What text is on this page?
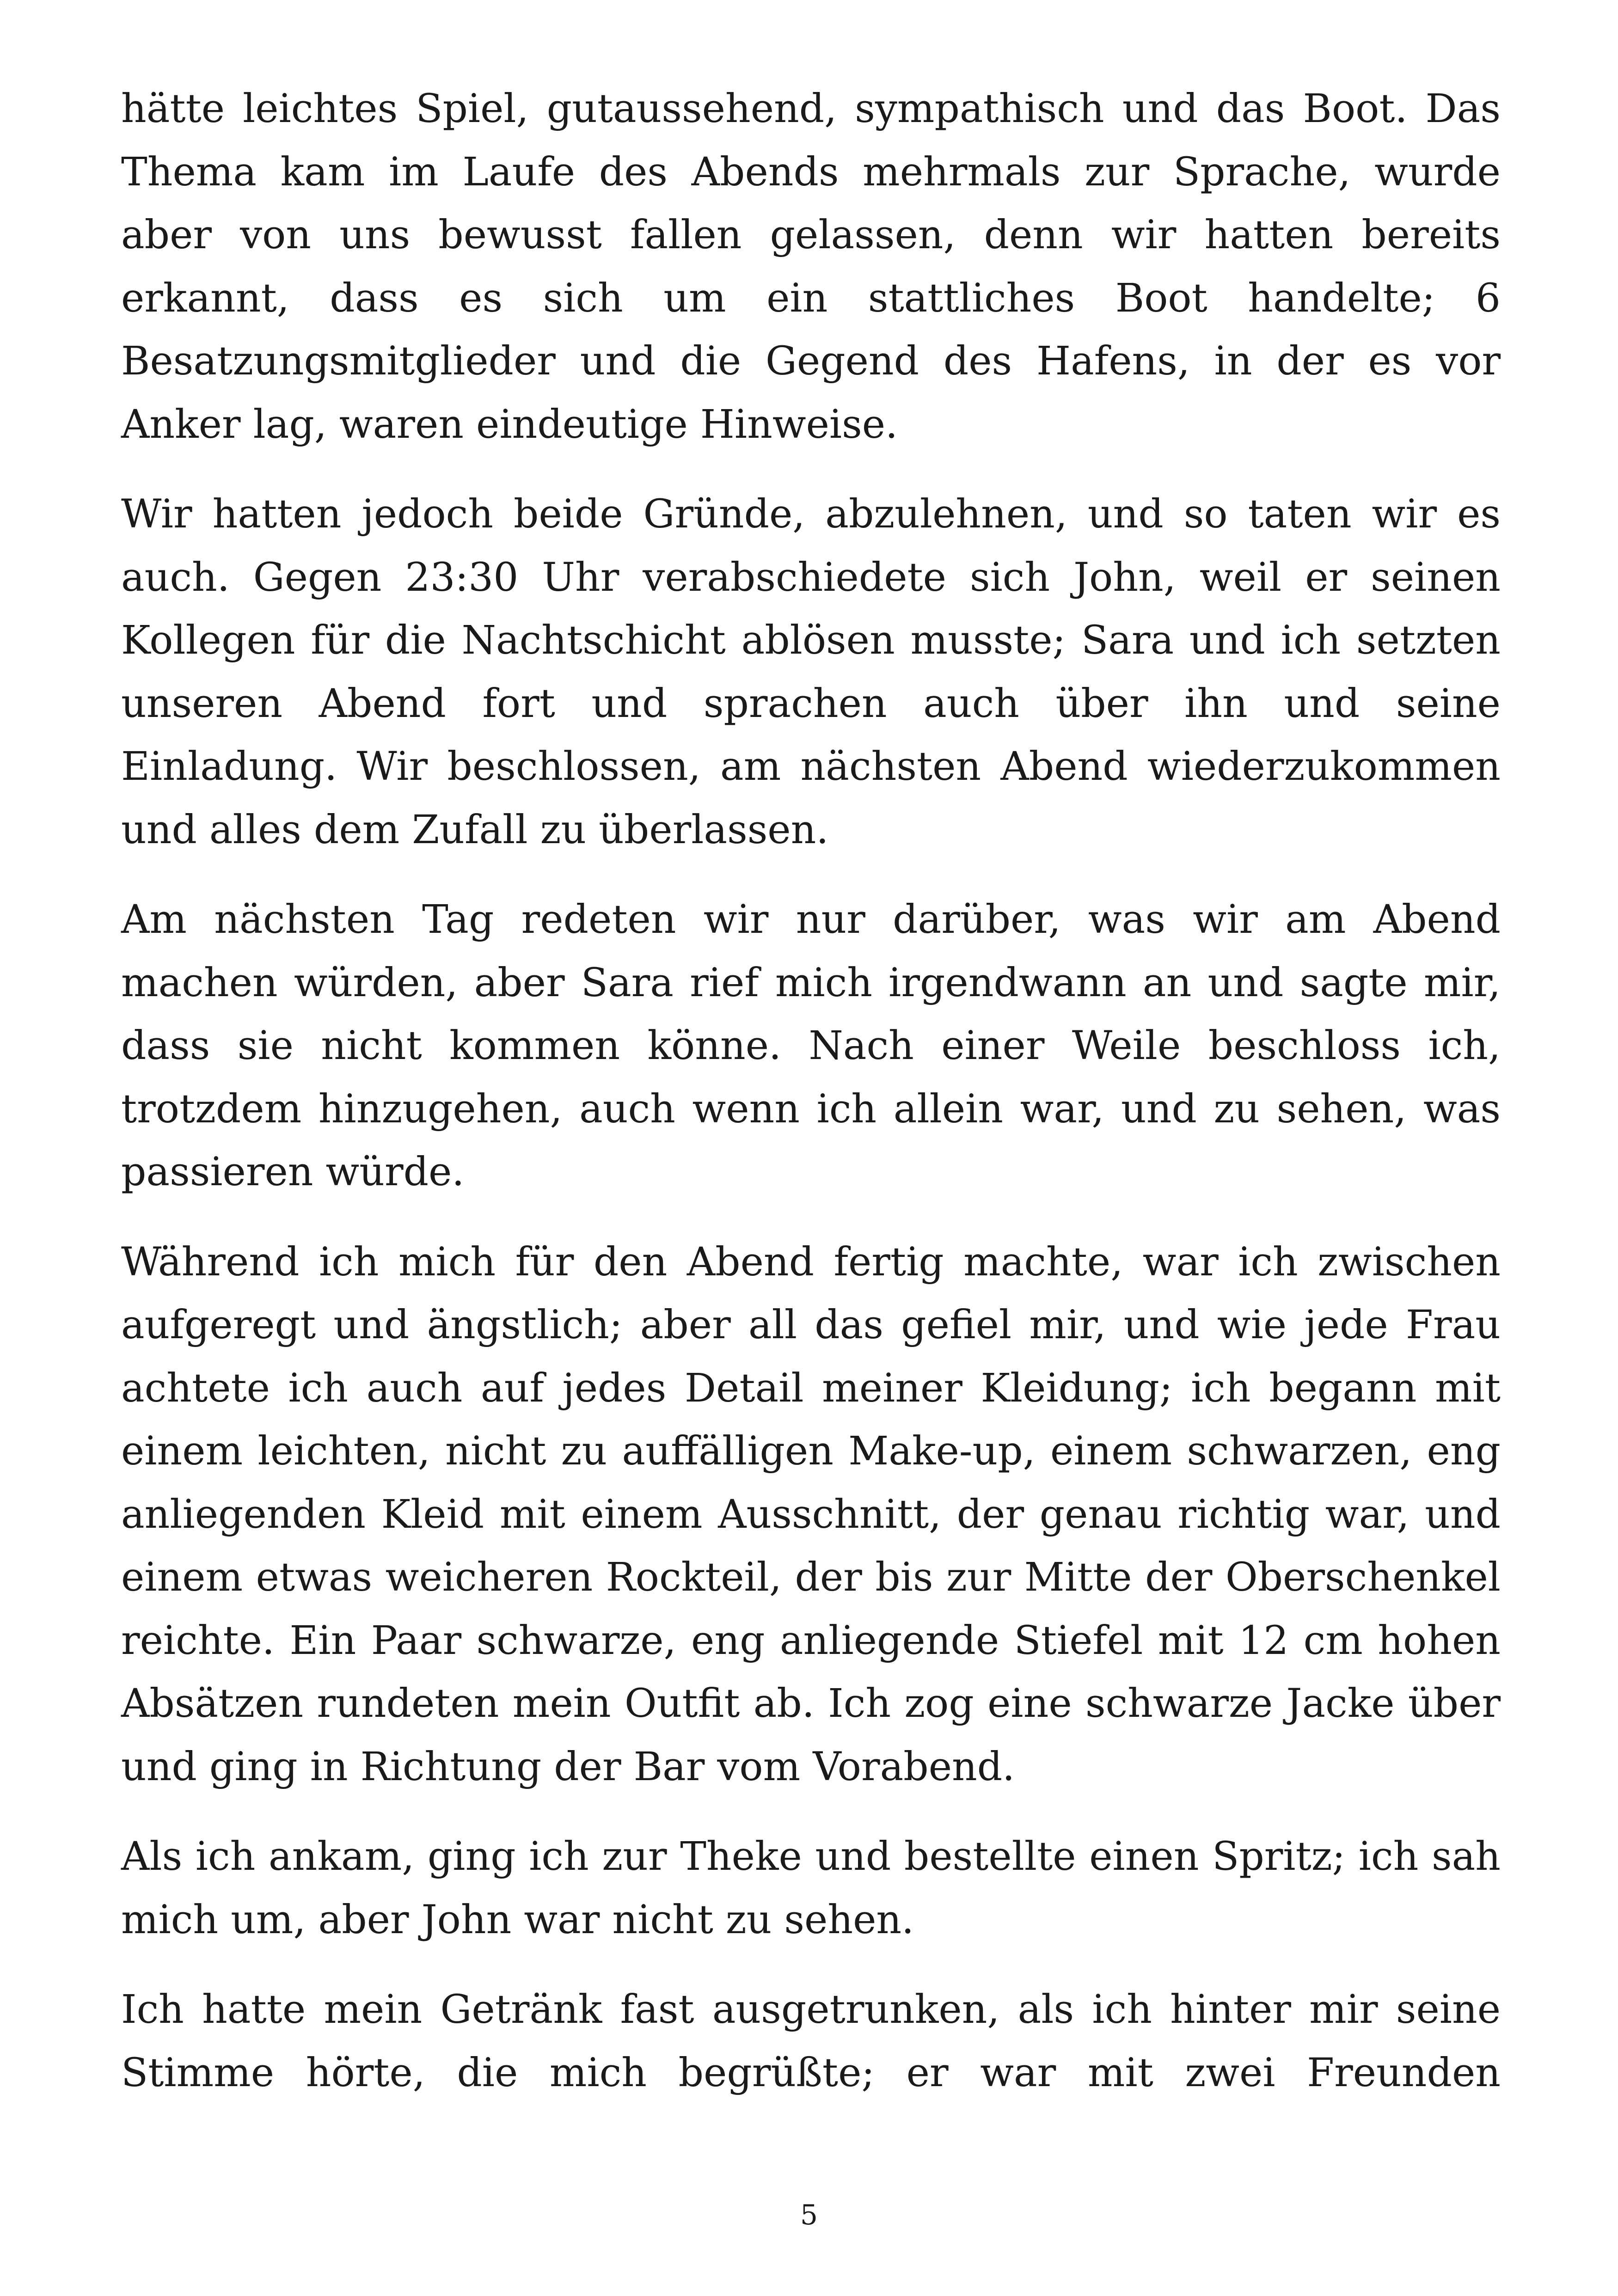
hätte leichtes Spiel, gutaussehend, sympathisch und das Boot. Das Thema kam im Laufe des Abends mehrmals zur Sprache, wurde aber von uns bewusst fallen gelassen, denn wir hatten bereits erkannt, dass es sich um ein stattliches Boot handelte; 6 Besatzungsmitglieder und die Gegend des Hafens, in der es vor Anker lag, waren eindeutige Hinweise.

Wir hatten jedoch beide Gründe, abzulehnen, und so taten wir es auch. Gegen 23:30 Uhr verabschiedete sich John, weil er seinen Kollegen für die Nachtschicht ablösen musste; Sara und ich setzten unseren Abend fort und sprachen auch über ihn und seine Einladung. Wir beschlossen, am nächsten Abend wiederzukommen und alles dem Zufall zu überlassen.

Am nächsten Tag redeten wir nur darüber, was wir am Abend machen würden, aber Sara rief mich irgendwann an und sagte mir, dass sie nicht kommen könne. Nach einer Weile beschloss ich, trotzdem hinzugehen, auch wenn ich allein war, und zu sehen, was passieren würde.

Während ich mich für den Abend fertig machte, war ich zwischen aufgeregt und ängstlich; aber all das gefiel mir, und wie jede Frau achtete ich auch auf jedes Detail meiner Kleidung; ich begann mit einem leichten, nicht zu auffälligen Make-up, einem schwarzen, eng anliegenden Kleid mit einem Ausschnitt, der genau richtig war, und einem etwas weicheren Rockteil, der bis zur Mitte der Oberschenkel reichte. Ein Paar schwarze, eng anliegende Stiefel mit 12 cm hohen Absätzen rundeten mein Outfit ab. Ich zog eine schwarze Jacke über und ging in Richtung der Bar vom Vorabend.

Als ich ankam, ging ich zur Theke und bestellte einen Spritz; ich sah mich um, aber John war nicht zu sehen.

Ich hatte mein Getränk fast ausgetrunken, als ich hinter mir seine Stimme hörte, die mich begrüßte; er war mit zwei Freunden

5
